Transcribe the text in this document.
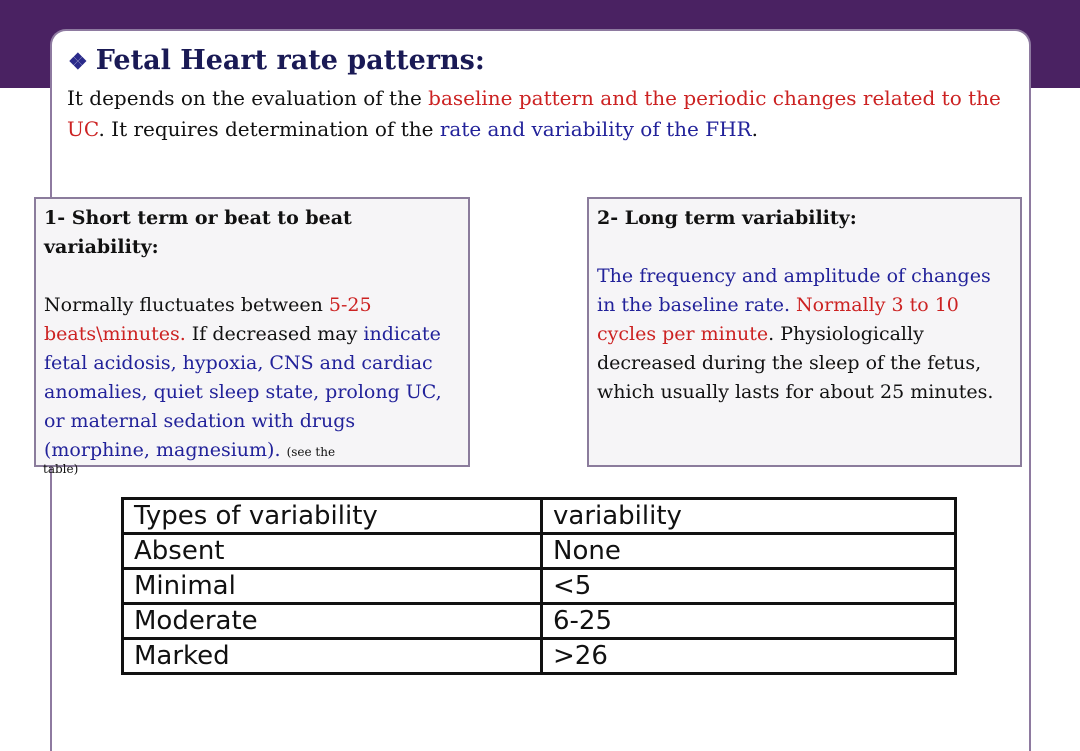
❖ Fetal Heart rate patterns:

It depends on the evaluation of the baseline pattern and the periodic changes related to the UC. It requires determination of the rate and variability of the FHR.

1- Short term or beat to beat variability:

Normally fluctuates between 5-25 beats\minutes. If decreased may indicate fetal acidosis, hypoxia, CNS and cardiac anomalies, quiet sleep state, prolong UC, or maternal sedation with drugs (morphine, magnesium). (see the

table)
2- Long term variability:

The frequency and amplitude of changes in the baseline rate. Normally 3 to 10 cycles per minute. Physiologically decreased during the sleep of the fetus, which usually lasts for about 25 minutes.

Types of variability	variability
Absent	None
Minimal	<5
Moderate	6-25
Marked	>26
